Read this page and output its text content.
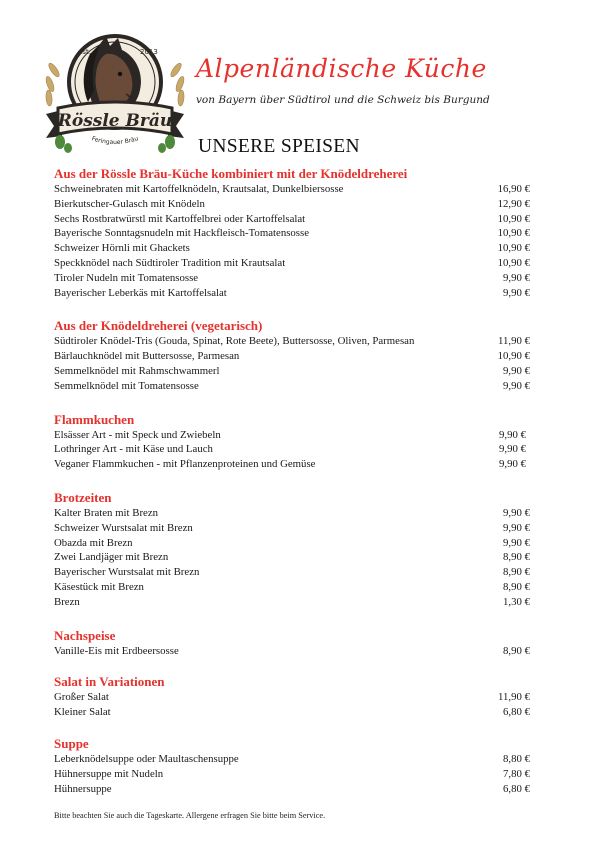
est.	2013
Rössle Bräu
Feringauer Bräu
Alpenländische Küche
von Bayern über Südtirol und die Schweiz bis Burgund
UNSERE SPEISEN
Aus der Rössle Bräu-Küche kombiniert mit der Knödeldreherei
Schweinebraten mit Kartoffelknödeln, Krautsalat, Dunkelbiersosse	16,90 €
Bierkutscher-Gulasch mit Knödeln	12,90 €
Sechs Rostbratwürstl mit Kartoffelbrei oder Kartoffelsalat	10,90 €
Bayerische Sonntagsnudeln mit Hackfleisch-Tomatensosse	10,90 €
Schweizer Hörnli mit Ghackets	10,90 €
Speckknödel nach Südtiroler Tradition mit Krautsalat	10,90 €
Tiroler Nudeln mit Tomatensosse	9,90 €
Bayerischer Leberkäs mit Kartoffelsalat	9,90 €
Aus der Knödeldreherei (vegetarisch)
Südtiroler Knödel-Tris (Gouda, Spinat, Rote Beete), Buttersosse, Oliven, Parmesan	11,90 €
Bärlauchknödel mit Buttersosse, Parmesan	10,90 €
Semmelknödel mit Rahmschwammerl	9,90 €
Semmelknödel mit Tomatensosse	9,90 €
Flammkuchen
Elsässer Art - mit Speck und Zwiebeln	9,90 €
Lothringer Art - mit Käse und Lauch	9,90 €
Veganer Flammkuchen - mit Pflanzenproteinen und Gemüse	9,90 €
Brotzeiten
Kalter Braten mit Brezn	9,90 €
Schweizer Wurstsalat mit Brezn	9,90 €
Obazda mit Brezn	9,90 €
Zwei Landjäger mit Brezn	8,90 €
Bayerischer Wurstsalat mit Brezn	8,90 €
Käsestück mit Brezn	8,90 €
Brezn	1,30 €
Nachspeise
Vanille-Eis mit Erdbeersosse	8,90 €
Salat in Variationen
Großer Salat	11,90 €
Kleiner Salat	6,80 €
Suppe
Leberknödelsuppe oder Maultaschensuppe	8,80 €
Hühnersuppe mit Nudeln	7,80 €
Hühnersuppe	6,80 €
Bitte beachten Sie auch die Tageskarte. Allergene erfragen Sie bitte beim Service.
